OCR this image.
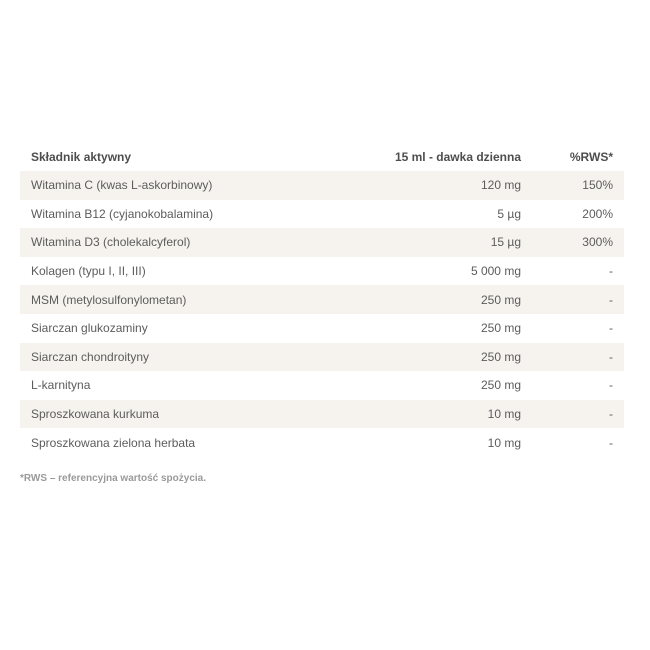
Składnik aktywny	15 ml - dawka dzienna	%RWS*
Witamina C (kwas L-askorbinowy)	120 mg	150%
Witamina B12 (cyjanokobalamina)	5 µg	200%
Witamina D3 (cholekalcyferol)	15 µg	300%
Kolagen (typu I, II, III)	5 000 mg	-
MSM (metylosulfonylometan)	250 mg	-
Siarczan glukozaminy	250 mg	-
Siarczan chondroityny	250 mg	-
L-karnityna	250 mg	-
Sproszkowana kurkuma	10 mg	-
Sproszkowana zielona herbata	10 mg	-
*RWS – referencyjna wartość spożycia.
